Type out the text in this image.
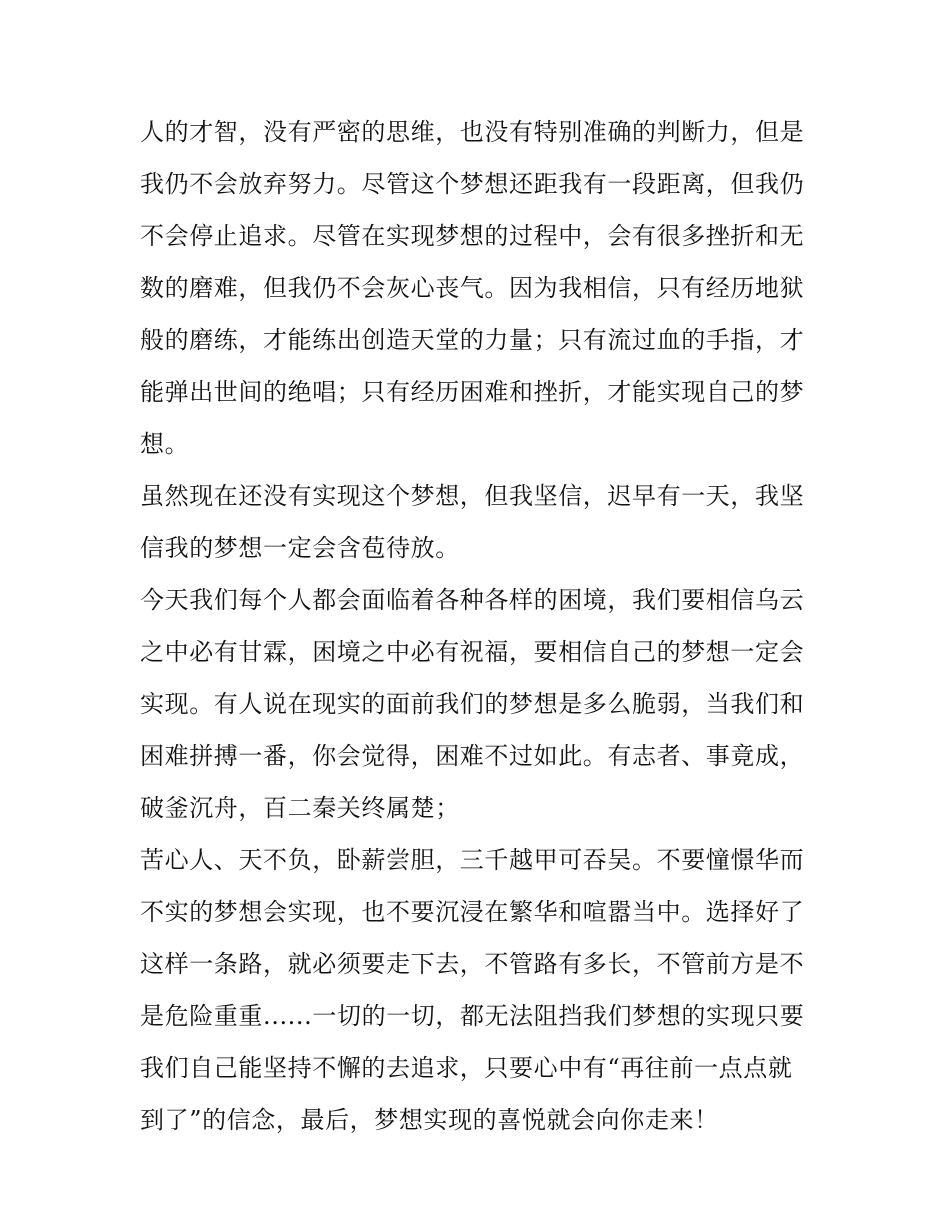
人的才智，没有严密的思维，也没有特别准确的判断力，但是
我仍不会放弃努力。尽管这个梦想还距我有一段距离，但我仍
不会停止追求。尽管在实现梦想的过程中，会有很多挫折和无
数的磨难，但我仍不会灰心丧气。因为我相信，只有经历地狱
般的磨练，才能练出创造天堂的力量；只有流过血的手指，才
能弹出世间的绝唱；只有经历困难和挫折，才能实现自己的梦
想。
虽然现在还没有实现这个梦想，但我坚信，迟早有一天，我坚
信我的梦想一定会含苞待放。
今天我们每个人都会面临着各种各样的困境，我们要相信乌云
之中必有甘霖，困境之中必有祝福，要相信自己的梦想一定会
实现。有人说在现实的面前我们的梦想是多么脆弱，当我们和
困难拼搏一番，你会觉得，困难不过如此。有志者、事竟成，
破釜沉舟，百二秦关终属楚；
苦心人、天不负，卧薪尝胆，三千越甲可吞吴。不要憧憬华而
不实的梦想会实现，也不要沉浸在繁华和喧嚣当中。选择好了
这样一条路，就必须要走下去，不管路有多长，不管前方是不
是危险重重......一切的一切，都无法阻挡我们梦想的实现只要
我们自己能坚持不懈的去追求，只要心中有“再往前一点点就
到了”的信念，最后，梦想实现的喜悦就会向你走来！
